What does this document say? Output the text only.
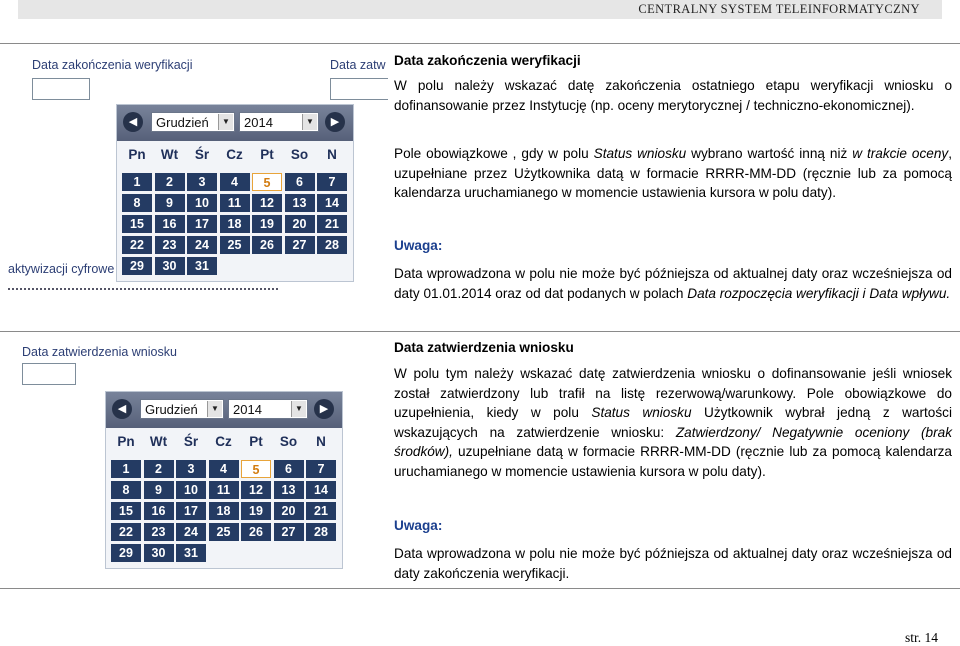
CENTRALNY SYSTEM TELEINFORMATYCZNY
Data zakończenia weryfikacji	Data zatw
aktywizacji cyfrowe
◀	Grudzień	▼	2014	▼	▶
Pn	Wt	Śr	Cz	Pt	So	N
1	2	3	4	5	6	7
8	9	10	11	12	13	14
15	16	17	18	19	20	21
22	23	24	25	26	27	28
29	30	31
Data zatwierdzenia wniosku
◀	Grudzień	▼	2014	▼	▶
Pn	Wt	Śr	Cz	Pt	So	N
1	2	3	4	5	6	7
8	9	10	11	12	13	14
15	16	17	18	19	20	21
22	23	24	25	26	27	28
29	30	31
Data zakończenia weryfikacji
W polu należy wskazać datę zakończenia ostatniego etapu weryfikacji wniosku o dofinansowanie przez Instytucję (np. oceny merytorycznej / techniczno-ekonomicznej).
Pole obowiązkowe , gdy w polu Status wniosku wybrano wartość inną niż w trakcie oceny, uzupełniane przez Użytkownika datą w formacie RRRR-MM-DD (ręcznie lub za pomocą kalendarza uruchamianego w momencie ustawienia kursora w polu daty).
Uwaga:
Data wprowadzona w polu nie może być późniejsza od aktualnej daty oraz wcześniejsza od daty 01.01.2014 oraz od dat podanych w polach Data rozpoczęcia weryfikacji i Data wpływu.
Data zatwierdzenia wniosku
W polu tym należy wskazać datę zatwierdzenia wniosku o dofinansowanie jeśli wniosek został zatwierdzony lub trafił na listę rezerwową/warunkowy. Pole obowiązkowe do uzupełnienia, kiedy w polu Status wniosku Użytkownik wybrał jedną z wartości wskazujących na zatwierdzenie wniosku: Zatwierdzony/ Negatywnie oceniony (brak środków), uzupełniane datą w formacie RRRR-MM-DD (ręcznie lub za pomocą kalendarza uruchamianego w momencie ustawienia kursora w polu daty).
Uwaga:
Data wprowadzona w polu nie może być późniejsza od aktualnej daty oraz wcześniejsza od daty zakończenia weryfikacji.
str. 14
